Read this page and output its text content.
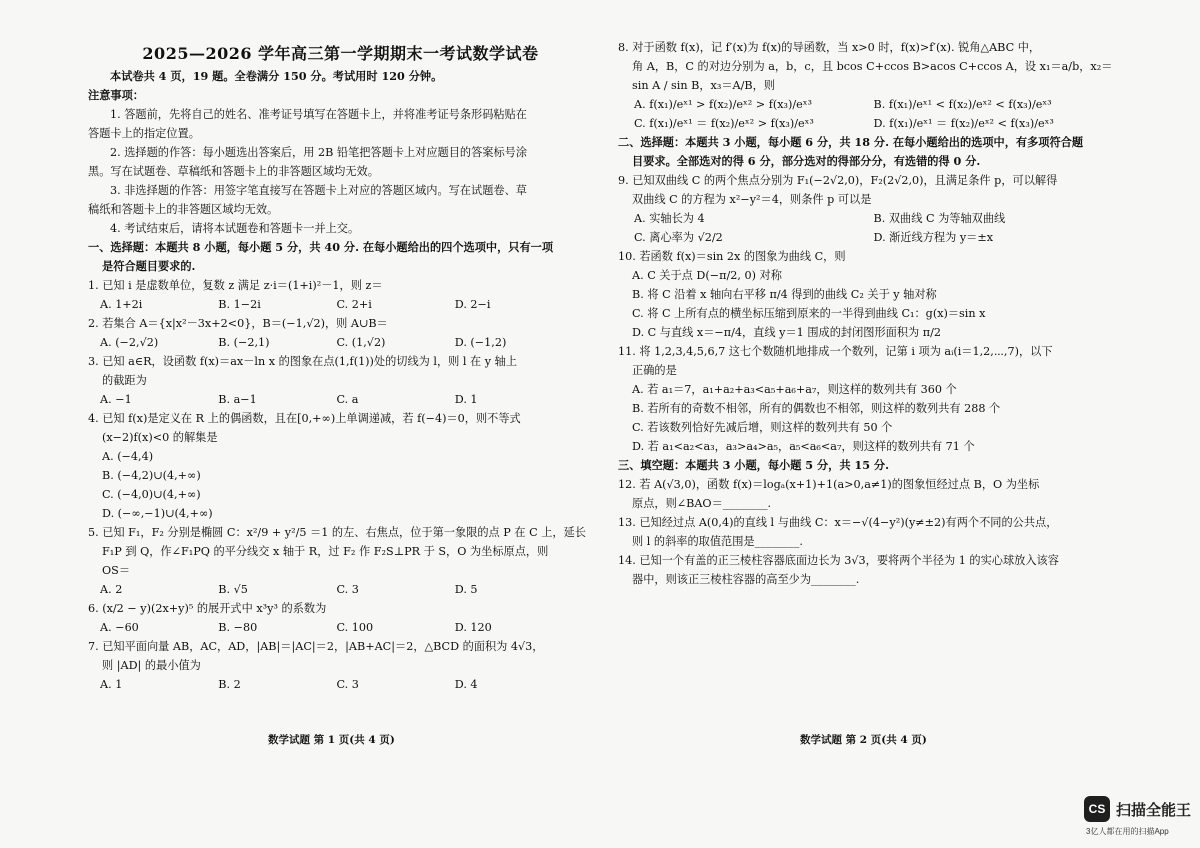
2025—2026 学年高三第一学期期末一考试数学试卷
本试卷共 4 页，19 题。全卷满分 150 分。考试用时 120 分钟。
注意事项：
1. 答题前，先将自己的姓名、准考证号填写在答题卡上，并将准考证号条形码粘贴在
答题卡上的指定位置。
2. 选择题的作答：每小题选出答案后，用 2B 铅笔把答题卡上对应题目的答案标号涂
黑。写在试题卷、草稿纸和答题卡上的非答题区域均无效。
3. 非选择题的作答：用签字笔直接写在答题卡上对应的答题区域内。写在试题卷、草
稿纸和答题卡上的非答题区域均无效。
4. 考试结束后，请将本试题卷和答题卡一并上交。
一、选择题：本题共 8 小题，每小题 5 分，共 40 分. 在每小题给出的四个选项中，只有一项
是符合题目要求的.
1. 已知 i 是虚数单位，复数 z 满足 z·i＝(1+i)²－1，则 z＝
A. 1+2i	B. 1−2i	C. 2+i	D. 2−i
2. 若集合 A＝{x|x²－3x+2<0}，B＝(−1,√2)，则 A∪B＝
A. (−2,√2)	B. (−2,1)	C. (1,√2)	D. (−1,2)
3. 已知 a∈R，设函数 f(x)＝ax－ln x 的图象在点(1,f(1))处的切线为 l，则 l 在 y 轴上
的截距为
A. −1	B. a−1	C. a	D. 1
4. 已知 f(x)是定义在 R 上的偶函数，且在[0,+∞)上单调递减，若 f(−4)＝0，则不等式
(x−2)f(x)<0 的解集是
A. (−4,4)
B. (−4,2)∪(4,+∞)
C. (−4,0)∪(4,+∞)
D. (−∞,−1)∪(4,+∞)
5. 已知 F₁，F₂ 分别是椭圆 C：x²/9 + y²/5 ＝1 的左、右焦点，位于第一象限的点 P 在 C 上，延长
F₁P 到 Q，作∠F₁PQ 的平分线交 x 轴于 R，过 F₂ 作 F₂S⊥PR 于 S，O 为坐标原点，则
OS＝
A. 2	B. √5	C. 3	D. 5
6. (x/2 − y)(2x+y)⁵ 的展开式中 x³y³ 的系数为
A. −60	B. −80	C. 100	D. 120
7. 已知平面向量 AB，AC，AD，|AB|＝|AC|＝2，|AB+AC|＝2，△BCD 的面积为 4√3，
则 |AD| 的最小值为
A. 1	B. 2	C. 3	D. 4
数学试题 第 1 页(共 4 页)
8. 对于函数 f(x)，记 f′(x)为 f(x)的导函数，当 x>0 时，f(x)>f′(x). 锐角△ABC 中，
角 A，B，C 的对边分别为 a，b，c，且 bcos C+ccos B>acos C+ccos A，设 x₁＝a/b，x₂＝
sin A / sin B，x₃＝A/B，则
A. f(x₁)/eˣ¹ > f(x₂)/eˣ² > f(x₃)/eˣ³	B. f(x₁)/eˣ¹ < f(x₂)/eˣ² < f(x₃)/eˣ³
C. f(x₁)/eˣ¹ ＝ f(x₂)/eˣ² > f(x₃)/eˣ³	D. f(x₁)/eˣ¹ ＝ f(x₂)/eˣ² < f(x₃)/eˣ³
二、选择题：本题共 3 小题，每小题 6 分，共 18 分. 在每小题给出的选项中，有多项符合题
目要求。全部选对的得 6 分，部分选对的得部分分，有选错的得 0 分.
9. 已知双曲线 C 的两个焦点分别为 F₁(−2√2,0)，F₂(2√2,0)，且满足条件 p，可以解得
双曲线 C 的方程为 x²−y²＝4，则条件 p 可以是
A. 实轴长为 4	B. 双曲线 C 为等轴双曲线
C. 离心率为 √2/2	D. 渐近线方程为 y＝±x
10. 若函数 f(x)＝sin 2x 的图象为曲线 C，则
A. C 关于点 D(−π/2, 0) 对称
B. 将 C 沿着 x 轴向右平移 π/4 得到的曲线 C₂ 关于 y 轴对称
C. 将 C 上所有点的横坐标压缩到原来的一半得到曲线 C₁：g(x)＝sin x
D. C 与直线 x＝−π/4，直线 y＝1 围成的封闭图形面积为 π/2
11. 将 1,2,3,4,5,6,7 这七个数随机地排成一个数列，记第 i 项为 aᵢ(i＝1,2,⋯,7)，以下
正确的是
A. 若 a₁＝7，a₁+a₂+a₃<a₅+a₆+a₇，则这样的数列共有 360 个
B. 若所有的奇数不相邻，所有的偶数也不相邻，则这样的数列共有 288 个
C. 若该数列恰好先减后增，则这样的数列共有 50 个
D. 若 a₁<a₂<a₃，a₃>a₄>a₅，a₅<a₆<a₇，则这样的数列共有 71 个
三、填空题：本题共 3 小题，每小题 5 分，共 15 分.
12. 若 A(√3,0)，函数 f(x)＝logₐ(x+1)+1(a>0,a≠1)的图象恒经过点 B，O 为坐标
原点，则∠BAO＝________.
13. 已知经过点 A(0,4)的直线 l 与曲线 C：x＝−√(4−y²)(y≠±2)有两个不同的公共点，
则 l 的斜率的取值范围是________.
14. 已知一个有盖的正三棱柱容器底面边长为 3√3，要将两个半径为 1 的实心球放入该容
器中，则该正三棱柱容器的高至少为________.
数学试题 第 2 页(共 4 页)
CS 扫描全能王
3亿人都在用的扫描App
